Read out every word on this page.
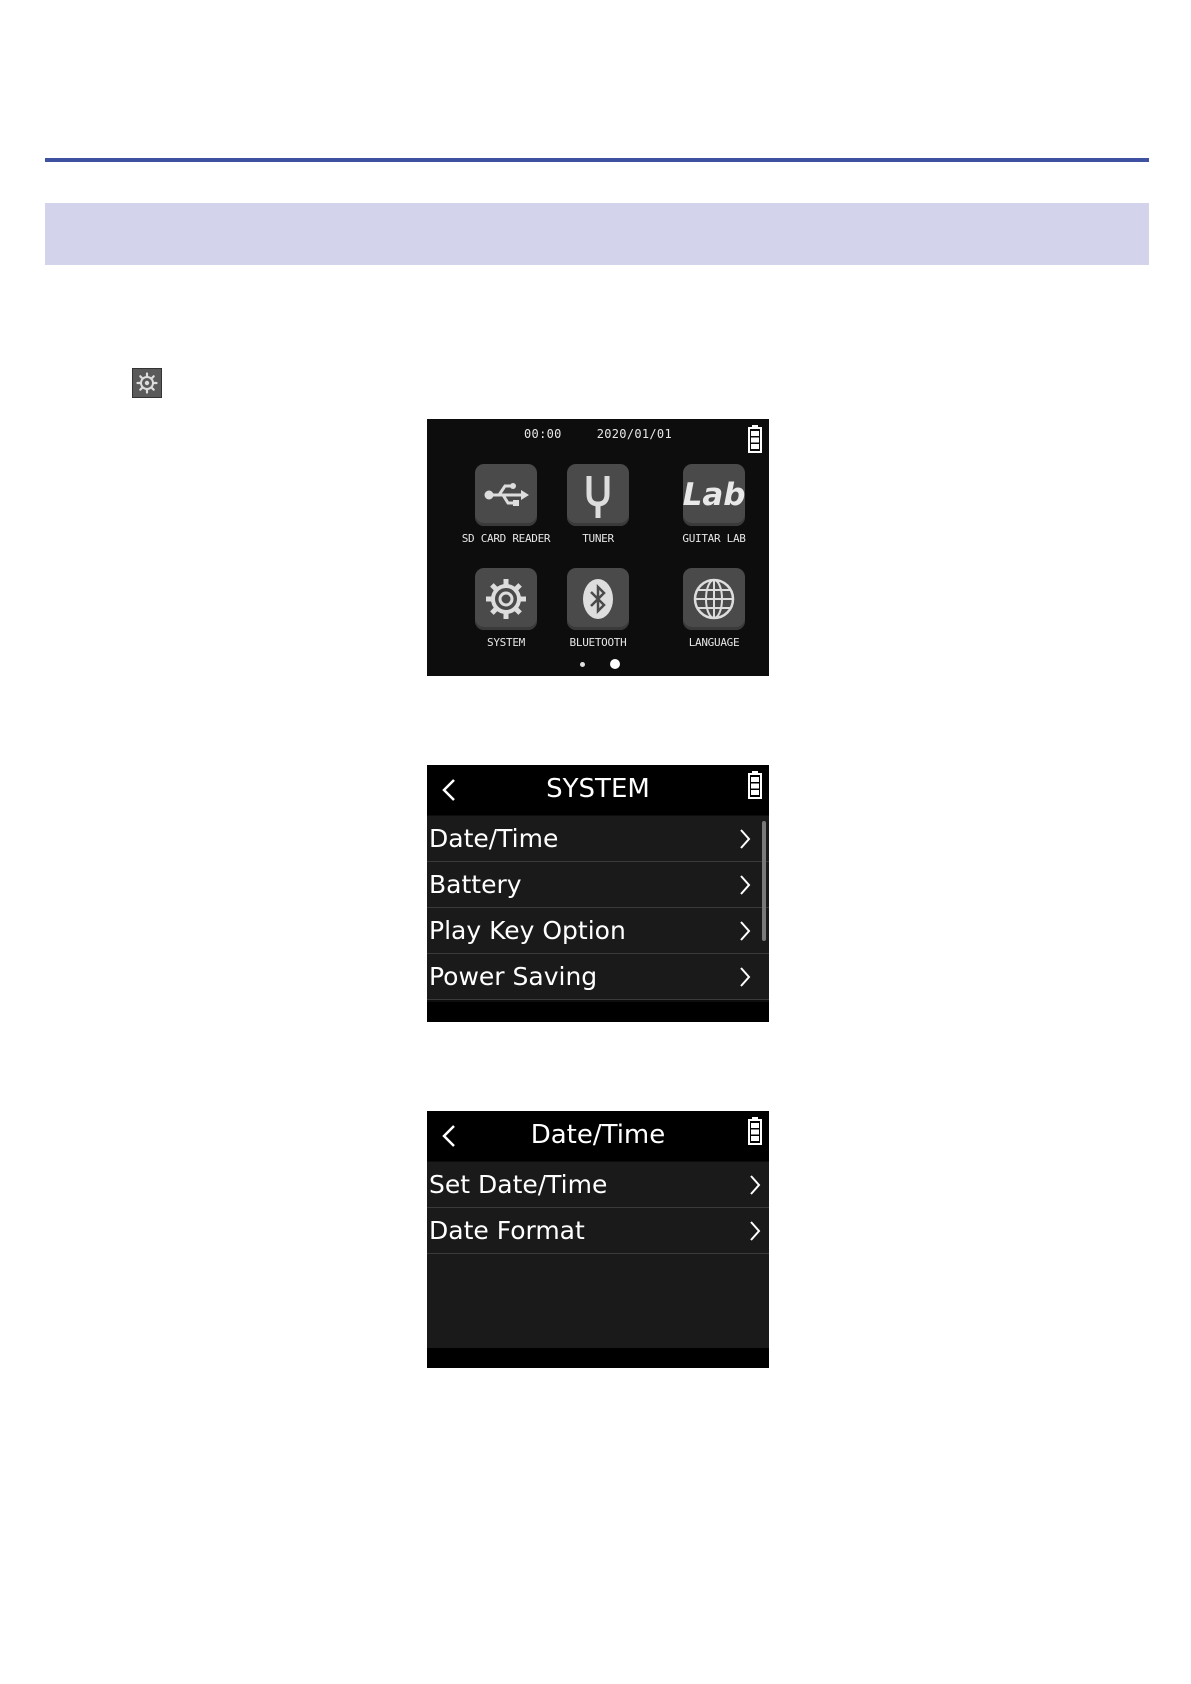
00:00	2020/01/01
SD CARD READER	TUNER
Lab
GUITAR LAB
SYSTEM	BLUETOOTH	LANGUAGE
SYSTEM
Date/Time
Battery
Play Key Option
Power Saving
Date/Time
Set Date/Time
Date Format
